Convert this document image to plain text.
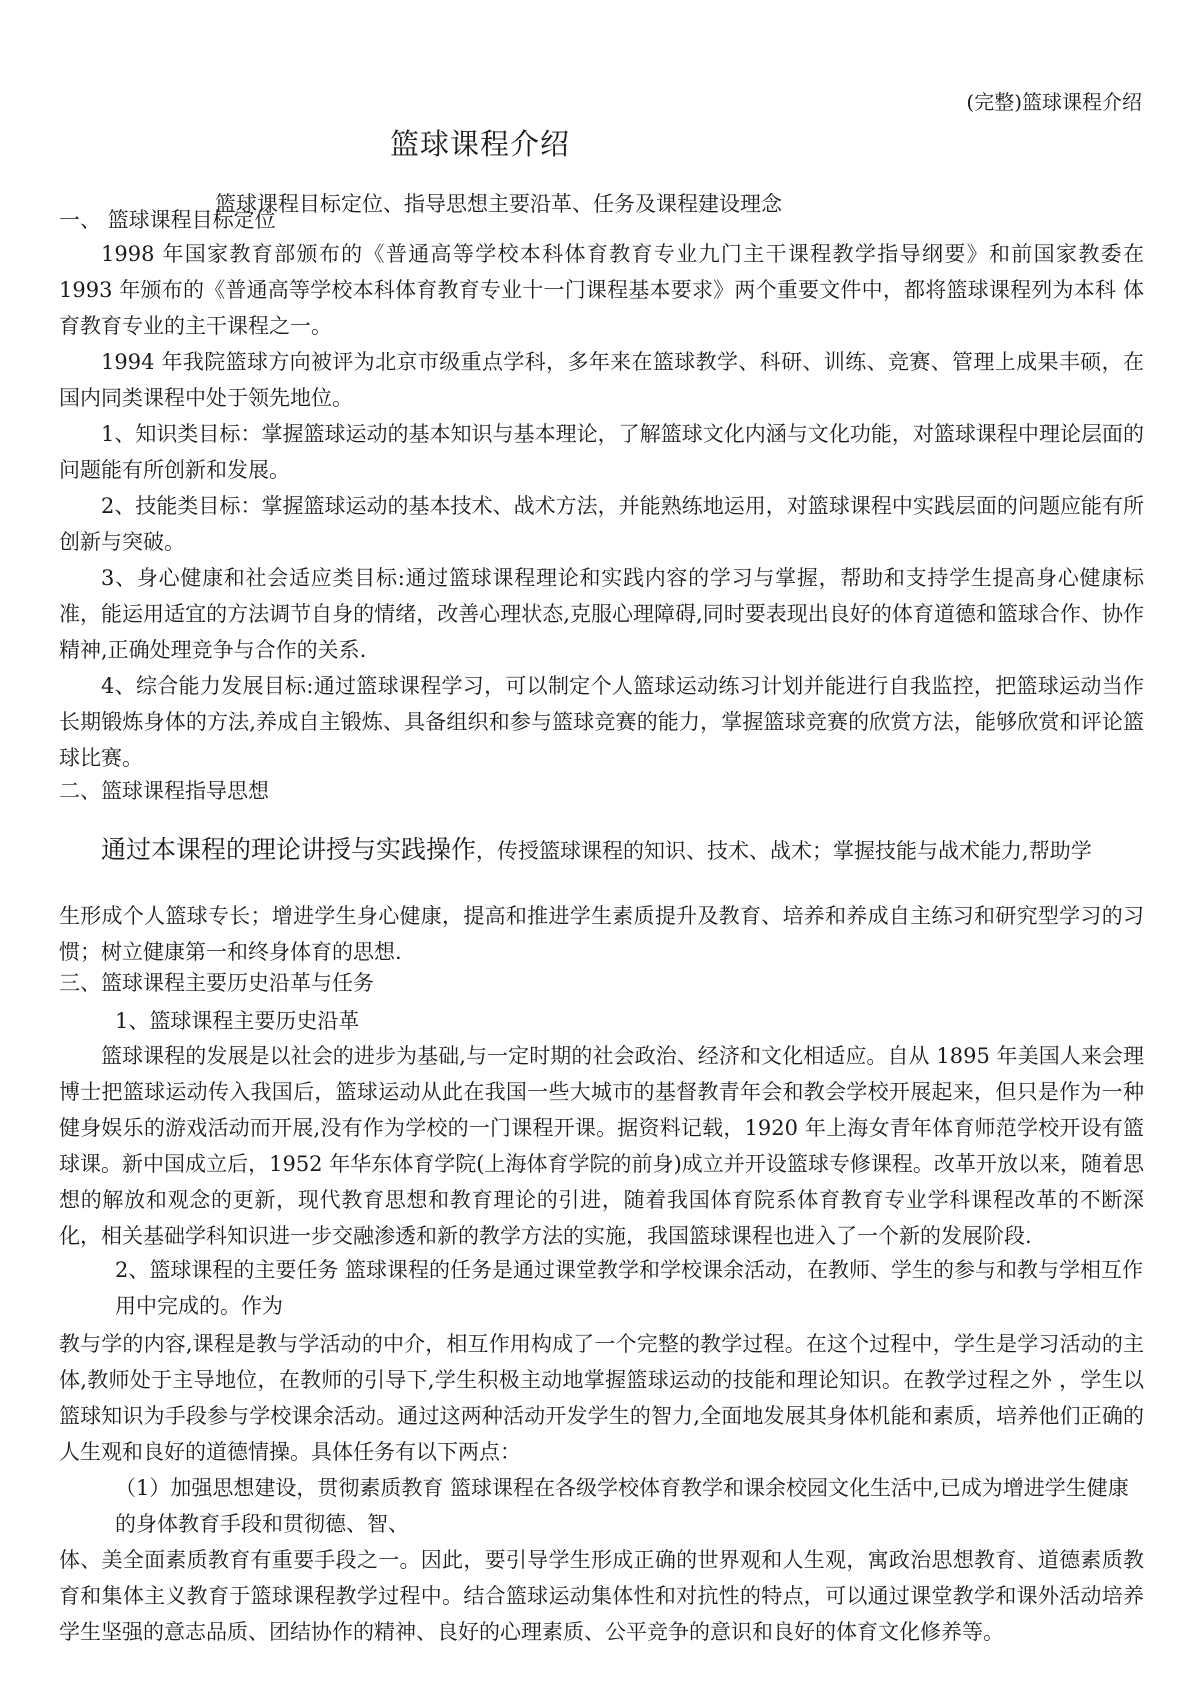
(完整)篮球课程介绍
篮球课程介绍
篮球课程目标定位、指导思想主要沿革、任务及课程建设理念
一、 篮球课程目标定位
1998 年国家教育部颁布的《普通高等学校本科体育教育专业九门主干课程教学指导纲要》和前国家教委在 1993 年颁布的《普通高等学校本科体育教育专业十一门课程基本要求》两个重要文件中，都将篮球课程列为本科 体育教育专业的主干课程之一。
1994 年我院篮球方向被评为北京市级重点学科，多年来在篮球教学、科研、训练、竞赛、管理上成果丰硕，在国内同类课程中处于领先地位。
1、知识类目标：掌握篮球运动的基本知识与基本理论，了解篮球文化内涵与文化功能，对篮球课程中理论层面的问题能有所创新和发展。
2、技能类目标：掌握篮球运动的基本技术、战术方法，并能熟练地运用，对篮球课程中实践层面的问题应能有所创新与突破。
3、身心健康和社会适应类目标:通过篮球课程理论和实践内容的学习与掌握，帮助和支持学生提高身心健康标准，能运用适宜的方法调节自身的情绪，改善心理状态,克服心理障碍,同时要表现出良好的体育道德和篮球合作、协作精神,正确处理竞争与合作的关系.
4、综合能力发展目标:通过篮球课程学习，可以制定个人篮球运动练习计划并能进行自我监控，把篮球运动当作长期锻炼身体的方法,养成自主锻炼、具备组织和参与篮球竞赛的能力，掌握篮球竞赛的欣赏方法，能够欣赏和评论篮球比赛。
二、篮球课程指导思想
通过本课程的理论讲授与实践操作，传授篮球课程的知识、技术、战术；掌握技能与战术能力,帮助学
生形成个人篮球专长；增进学生身心健康，提高和推进学生素质提升及教育、培养和养成自主练习和研究型学习的习惯；树立健康第一和终身体育的思想.
三、篮球课程主要历史沿革与任务
1、篮球课程主要历史沿革
篮球课程的发展是以社会的进步为基础,与一定时期的社会政治、经济和文化相适应。自从 1895 年美国人来会理博士把篮球运动传入我国后，篮球运动从此在我国一些大城市的基督教青年会和教会学校开展起来，但只是作为一种健身娱乐的游戏活动而开展,没有作为学校的一门课程开课。据资料记载，1920 年上海女青年体育师范学校开设有篮球课。新中国成立后，1952 年华东体育学院(上海体育学院的前身)成立并开设篮球专修课程。改革开放以来，随着思想的解放和观念的更新，现代教育思想和教育理论的引进，随着我国体育院系体育教育专业学科课程改革的不断深化，相关基础学科知识进一步交融渗透和新的教学方法的实施，我国篮球课程也进入了一个新的发展阶段.
2、篮球课程的主要任务 篮球课程的任务是通过课堂教学和学校课余活动，在教师、学生的参与和教与学相互作用中完成的。作为
教与学的内容,课程是教与学活动的中介，相互作用构成了一个完整的教学过程。在这个过程中，学生是学习活动的主体,教师处于主导地位，在教师的引导下,学生积极主动地掌握篮球运动的技能和理论知识。在教学过程之外 ，学生以篮球知识为手段参与学校课余活动。通过这两种活动开发学生的智力,全面地发展其身体机能和素质，培养他们正确的人生观和良好的道德情操。具体任务有以下两点：
（1）加强思想建设，贯彻素质教育 篮球课程在各级学校体育教学和课余校园文化生活中,已成为增进学生健康的身体教育手段和贯彻德、智、
体、美全面素质教育有重要手段之一。因此，要引导学生形成正确的世界观和人生观，寓政治思想教育、道德素质教育和集体主义教育于篮球课程教学过程中。结合篮球运动集体性和对抗性的特点，可以通过课堂教学和课外活动培养学生坚强的意志品质、团结协作的精神、良好的心理素质、公平竞争的意识和良好的体育文化修养等。
